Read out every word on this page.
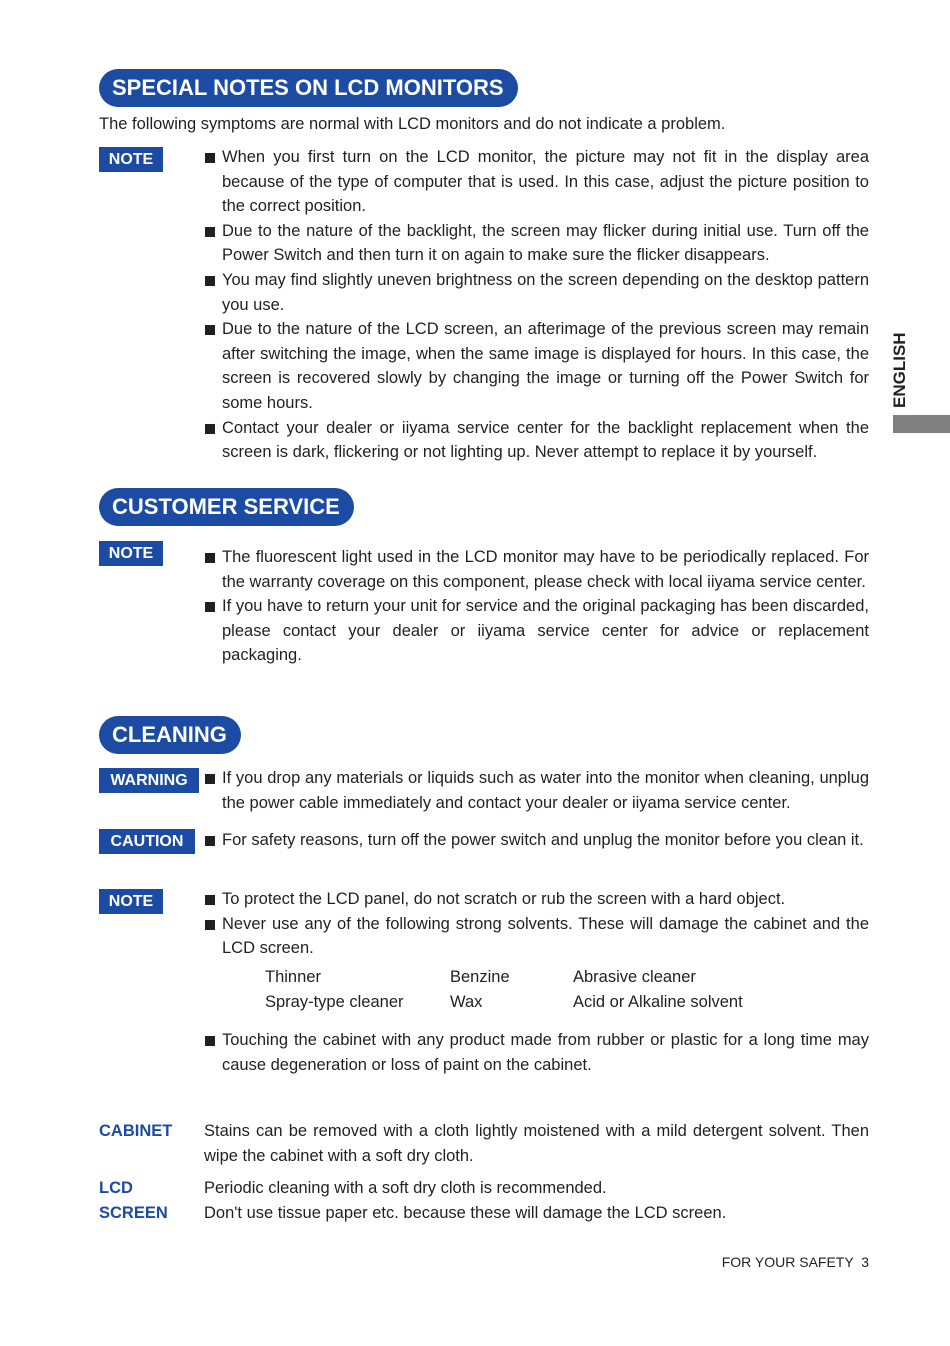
SPECIAL NOTES ON LCD MONITORS
The following symptoms are normal with LCD monitors and do not indicate a problem.
NOTE	When you first turn on the LCD monitor, the picture may not fit in the display area because of the type of computer that is used. In this case, adjust the picture position to the correct position.
Due to the nature of the backlight, the screen may flicker during initial use. Turn off the Power Switch and then turn it on again to make sure the flicker disappears.
You may find slightly uneven brightness on the screen depending on the desktop pattern you use.
Due to the nature of the LCD screen, an afterimage of the previous screen may remain after switching the image, when the same image is displayed for hours. In this case, the screen is recovered slowly by changing the image or turning off the Power Switch for some hours.
Contact your dealer or iiyama service center for the backlight replacement when the screen is dark, flickering or not lighting up. Never attempt to replace it by yourself.
CUSTOMER SERVICE
NOTE	The fluorescent light used in the LCD monitor may have to be periodically replaced. For the warranty coverage on this component, please check with local iiyama service center.
If you have to return your unit for service and the original packaging has been discarded, please contact your dealer or iiyama service center for advice or replacement packaging.
CLEANING
WARNING	If you drop any materials or liquids such as water into the monitor when cleaning, unplug the power cable immediately and contact your dealer or iiyama service center.
CAUTION	For safety reasons, turn off the power switch and unplug the monitor before you clean it.
NOTE	To protect the LCD panel, do not scratch or rub the screen with a hard object.
Never use any of the following strong solvents. These will damage the cabinet and the LCD screen.
Thinner	Benzine	Abrasive cleaner
Spray-type cleaner	Wax	Acid or Alkaline solvent
Touching the cabinet with any product made from rubber or plastic for a long time may cause degeneration or loss of paint on the cabinet.
CABINET Stains can be removed with a cloth lightly moistened with a mild detergent solvent. Then wipe the cabinet with a soft dry cloth.
LCD
SCREEN
Periodic cleaning with a soft dry cloth is recommended.
Don't use tissue paper etc. because these will damage the LCD screen.
ENGLISH
FOR YOUR SAFETY  3
